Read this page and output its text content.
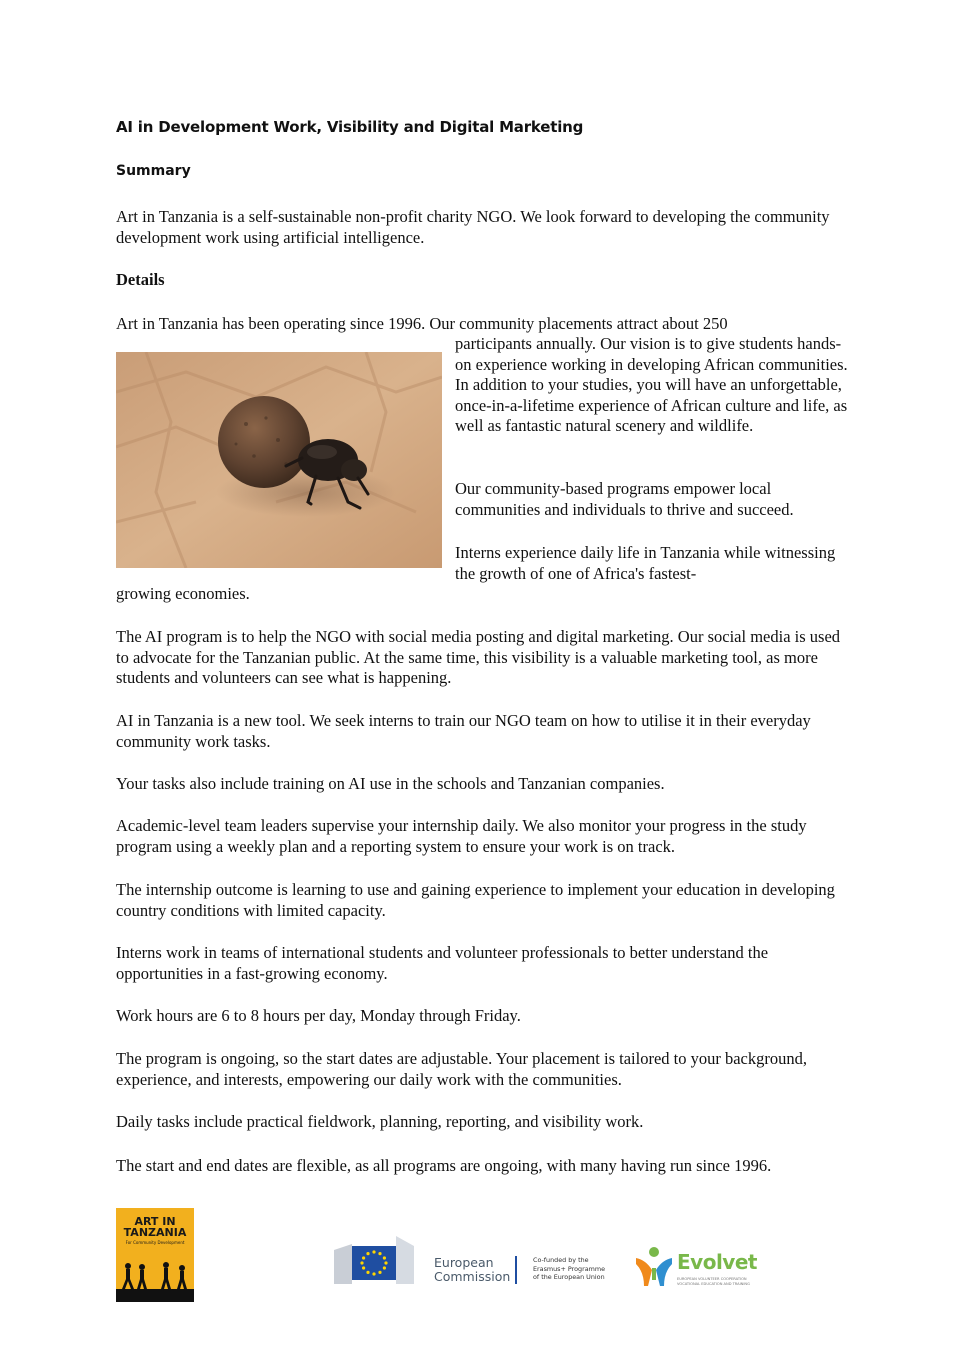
AI in Development Work, Visibility and Digital Marketing
Summary

Art in Tanzania is a self-sustainable non-profit charity NGO. We look forward to developing the community development work using artificial intelligence.

Details

Art in Tanzania has been operating since 1996. Our community placements attract about 250

participants annually. Our vision is to give students hands-on experience working in developing African communities. In addition to your studies, you will have an unforgettable, once-in-a-lifetime experience of African culture and life, as well as fantastic natural scenery and wildlife.

Our community-based programs empower local communities and individuals to thrive and succeed.

Interns experience daily life in Tanzania while witnessing the growth of one of Africa's fastest-

growing economies.

The AI program is to help the NGO with social media posting and digital marketing. Our social media is used to advocate for the Tanzanian public. At the same time, this visibility is a valuable marketing tool, as more students and volunteers can see what is happening.

AI in Tanzania is a new tool. We seek interns to train our NGO team on how to utilise it in their everyday community work tasks.

Your tasks also include training on AI use in the schools and Tanzanian companies.

Academic-level team leaders supervise your internship daily. We also monitor your progress in the study program using a weekly plan and a reporting system to ensure your work is on track.

The internship outcome is learning to use and gaining experience to implement your education in developing country conditions with limited capacity.

Interns work in teams of international students and volunteer professionals to better understand the opportunities in a fast-growing economy.

Work hours are 6 to 8 hours per day, Monday through Friday.

The program is ongoing, so the start dates are adjustable. Your placement is tailored to your background, experience, and interests, empowering our daily work with the communities.

Daily tasks include practical fieldwork, planning, reporting, and visibility work.

The start and end dates are flexible, as all programs are ongoing, with many having run since 1996.

ART IN
TANZANIA
For Community Development
European
Commission
Co-funded by the
Erasmus+ Programme
of the European Union
Evolvet
EUROPEAN VOLUNTEER COOPERATION VOCATIONAL EDUCATION AND TRAINING
